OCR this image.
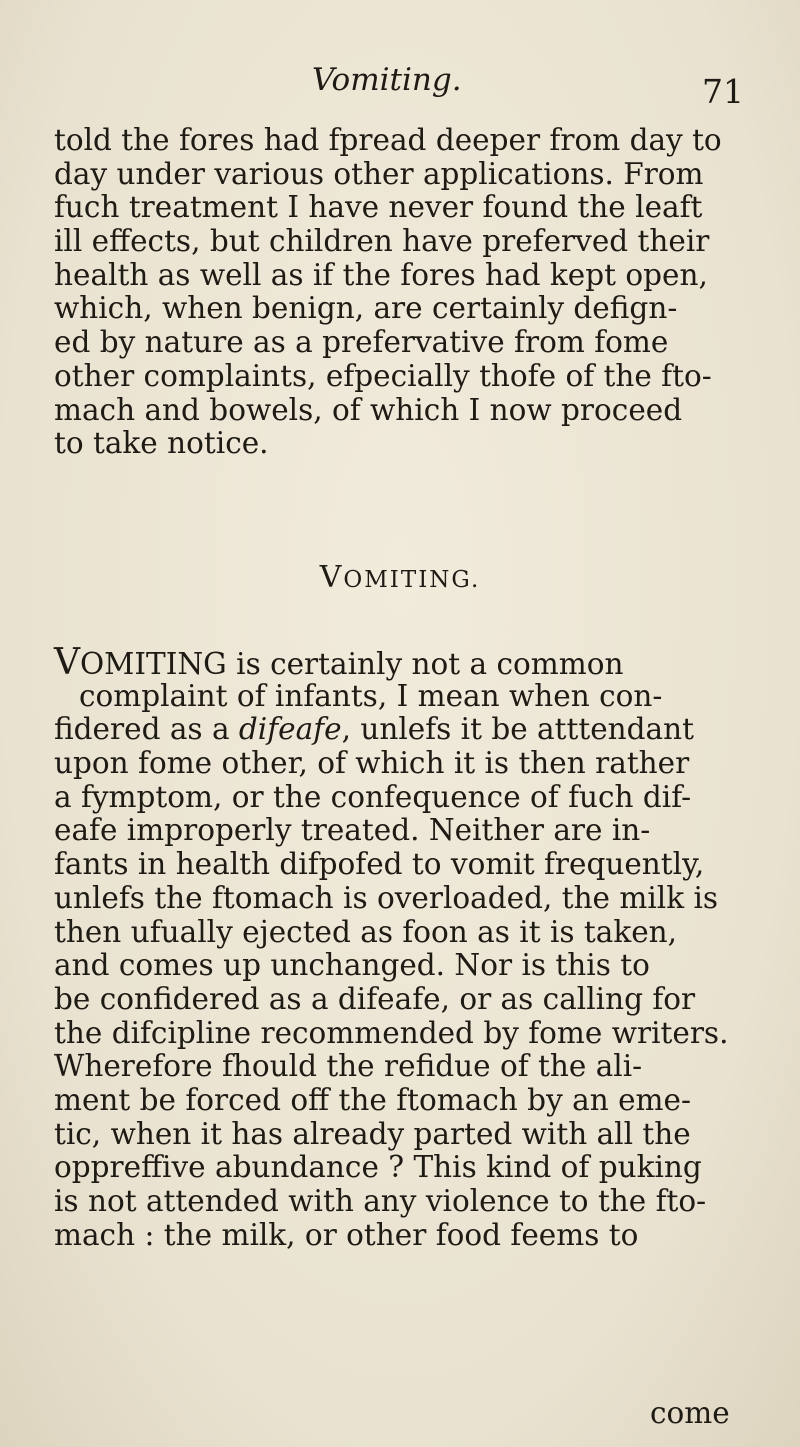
Vomiting.	71
told the fores had fpread deeper from day to
day under various other applications. From
fuch treatment I have never found the leaft
ill effects, but children have preferved their
health as well as if the fores had kept open,
which, when benign, are certainly defign-
ed by nature as a prefervative from fome
other complaints, efpecially thofe of the fto-
mach and bowels, of which I now proceed
to take notice.
VOMITING.
VOMITING is certainly not a common
complaint of infants, I mean when con-
fidered as a difeafe, unlefs it be atttendant
upon fome other, of which it is then rather
a fymptom, or the confequence of fuch dif-
eafe improperly treated. Neither are in-
fants in health difpofed to vomit frequently,
unlefs the ftomach is overloaded, the milk is
then ufually ejected as foon as it is taken,
and comes up unchanged. Nor is this to
be confidered as a difeafe, or as calling for
the difcipline recommended by fome writers.
Wherefore fhould the refidue of the ali-
ment be forced off the ftomach by an eme-
tic, when it has already parted with all the
oppreffive abundance ? This kind of puking
is not attended with any violence to the fto-
mach : the milk, or other food feems to
come
